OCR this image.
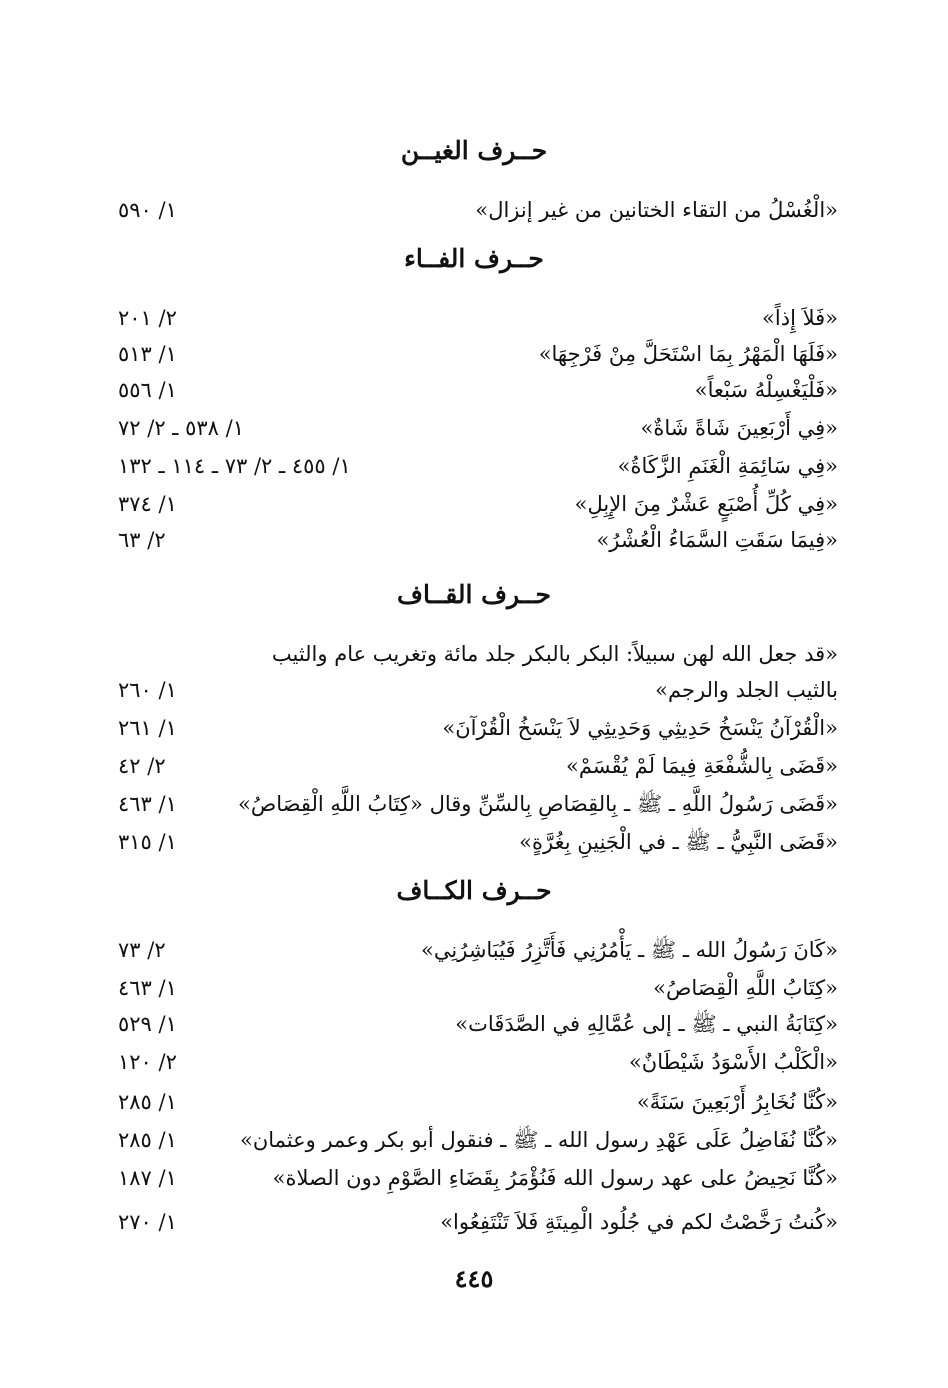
حــرف الغيــن
«الْغُسْلُ من التقاء الختانين من غير إنزال»
١/ ٥٩٠
حــرف الفــاء
«فَلاَ إِذاً»
٢/ ٢٠١
«فَلَهَا الْمَهْرُ بِمَا اسْتَحَلَّ مِنْ فَرْجِهَا»
١/ ٥١٣
«فَلْيَغْسِلْهُ سَبْعاً»
١/ ٥٥٦
«فِي أَرْبَعِينَ شَاةً شَاةٌ»
١/ ٥٣٨ ـ ٢/ ٧٢
«فِي سَائِمَةِ الْغَنَمِ الزَّكَاةُ»
١/ ٤٥٥ ـ ٢/ ٧٣ ـ ١١٤ ـ ١٣٢
«فِي كُلِّ أُصْبَعٍ عَشْرٌ مِنَ الإِبِلِ»
١/ ٣٧٤
«فِيمَا سَقَتِ السَّمَاءُ الْعُشْرُ»
٢/ ٦٣
حــرف القــاف
«قد جعل الله لهن سبيلاً: البكر بالبكر جلد مائة وتغريب عام والثيب
بالثيب الجلد والرجم»
١/ ٢٦٠
«الْقُرْآنُ يَنْسَخُ حَدِيثِي وَحَدِيثِي لاَ يَنْسَخُ الْقُرْآنَ»
١/ ٢٦١
«قَضَى بِالشُّفْعَةِ فِيمَا لَمْ يُقْسَمْ»
٢/ ٤٢
«قَضَى رَسُولُ اللَّهِ ـ ﷺ ـ بِالقِصَاصِ بِالسِّنِّ وقال «كِتَابُ اللَّهِ الْقِصَاصُ»
١/ ٤٦٣
«قَضَى النَّبِيُّ ـ ﷺ ـ في الْجَنِينِ بِغُرَّةٍ»
١/ ٣١٥
حــرف الكــاف
«كَانَ رَسُولُ الله ـ ﷺ ـ يَأْمُرُنِي فَأَتَّزِرُ فَيُبَاشِرُنِي»
٢/ ٧٣
«كِتَابُ اللَّهِ الْقِصَاصُ»
١/ ٤٦٣
«كِتَابَةُ النبي ـ ﷺ ـ إلى عُمَّالِهِ في الصَّدَقَات»
١/ ٥٢٩
«الْكَلْبُ الأَسْوَدُ شَيْطَانٌ»
٢/ ١٢٠
«كُنَّا نُخَابِرُ أَرْبَعِينَ سَنَةً»
١/ ٢٨٥
«كُنَّا نُفَاضِلُ عَلَى عَهْدِ رسول الله ـ ﷺ ـ فنقول أبو بكر وعمر وعثمان»
١/ ٢٨٥
«كُنَّا نَحِيضُ على عهد رسول الله فَنُؤْمَرُ بِقَضَاءِ الصَّوْمِ دون الصلاة»
١/ ١٨٧
«كُنتُ رَخَّصْتُ لكم في جُلُود الْمِيتَةِ فَلاَ تَنْتَفِعُوا»
١/ ٢٧٠
٤٤٥
